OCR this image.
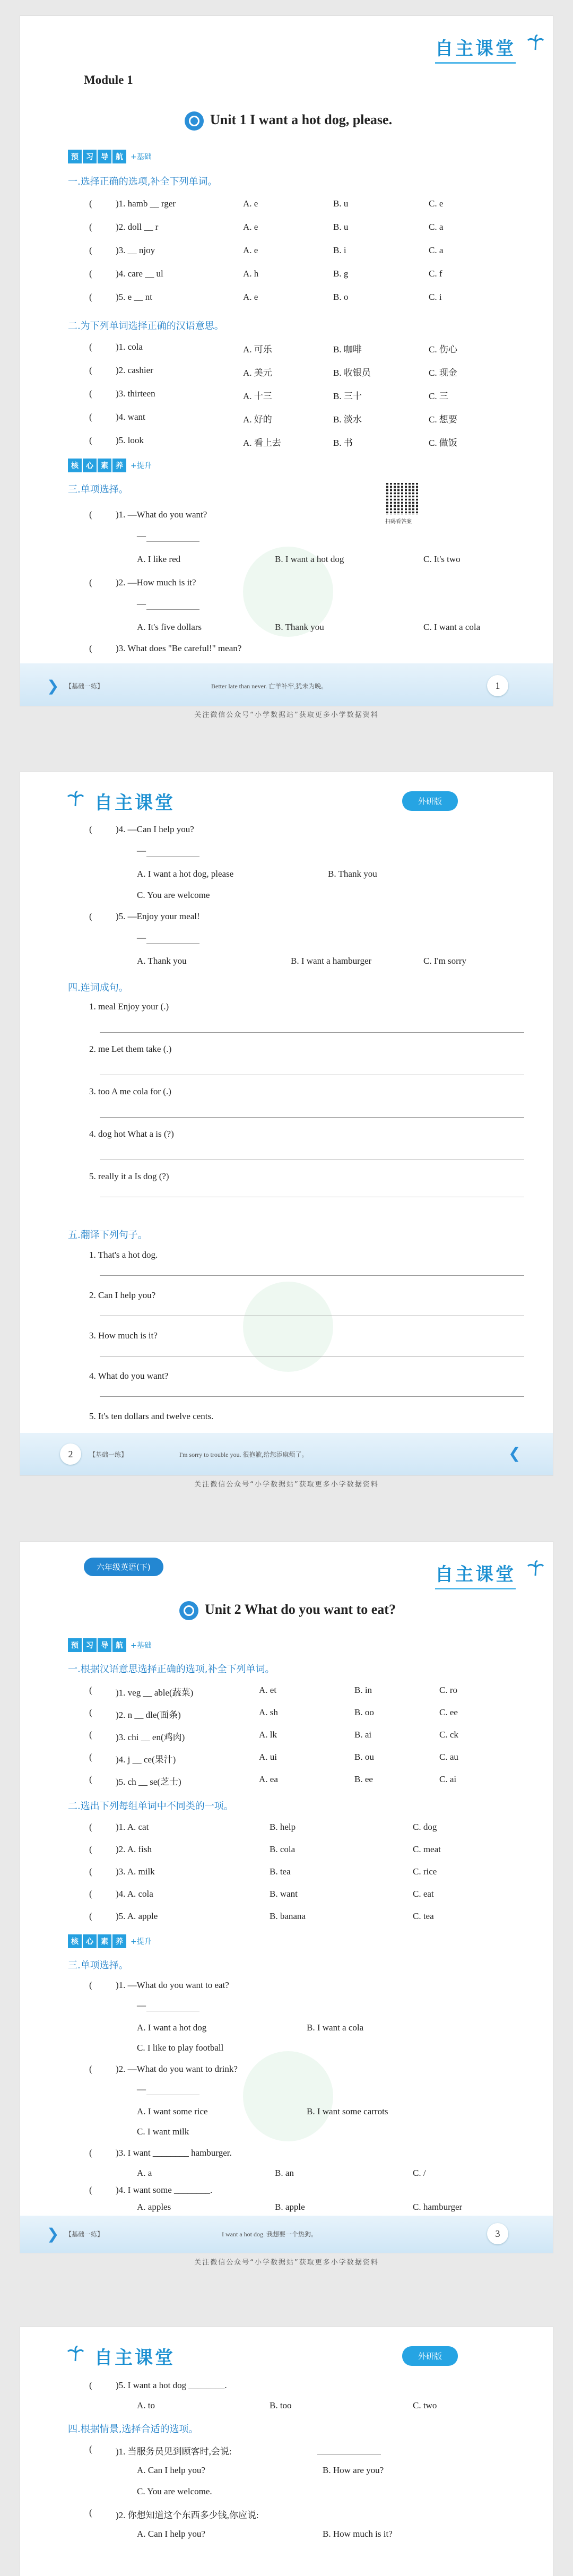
自主课堂
Module 1
Unit 1 I want a hot dog, please.
预	习	导	航	+基础
一.选择正确的选项,补全下列单词。
(	)1. hamb __ rger	A. e	B. u	C. e
(	)2. doll __ r	A. e	B. u	C. a
(	)3. __ njoy	A. e	B. i	C. a
(	)4. care __ ul	A. h	B. g	C. f
(	)5. e __ nt	A. e	B. o	C. i
二.为下列单词选择正确的汉语意思。
(	)1. cola	A. 可乐	B. 咖啡	C. 伤心
(	)2. cashier	A. 美元	B. 收银员	C. 现金
(	)3. thirteen	A. 十三	B. 三十	C. 三
(	)4. want	A. 好的	B. 淡水	C. 想要
(	)5. look	A. 看上去	B. 书	C. 做饭
核	心	素	养	+提升
三.单项选择。
扫码看答案
(	)1. —What do you want?
—
A. I like red	B. I want a hot dog	C. It's two
(	)2. —How much is it?
—
A. It's five dollars	B. Thank you	C. I want a cola
(	)3. What does "Be careful!" mean?
❯ 【基础一练】	Better late than never. 亡羊补牢,犹未为晚。	1
关注微信公众号“小学数据站”获取更多小学数据资料
自主课堂	外研版
(	)4. —Can I help you?
—
A. I want a hot dog, please	B. Thank you
C. You are welcome
(	)5. —Enjoy your meal!
—
A. Thank you	B. I want a hamburger	C. I'm sorry
四.连词成句。
1. meal Enjoy your (.)
2. me Let them take (.)
3. too A me cola for (.)
4. dog hot What a is (?)
5. really it a Is dog (?)
五.翻译下列句子。
1. That's a hot dog.
2. Can I help you?
3. How much is it?
4. What do you want?
5. It's ten dollars and twelve cents.
2	【基础一练】	I'm sorry to trouble you. 很抱歉,给您添麻烦了。	❮
关注微信公众号“小学数据站”获取更多小学数据资料
六年级英语(下)	自主课堂
Unit 2 What do you want to eat?
预	习	导	航	+基础
一.根据汉语意思选择正确的选项,补全下列单词。
(	)1. veg __ able(蔬菜)	A. et	B. in	C. ro
(	)2. n __ dle(面条)	A. sh	B. oo	C. ee
(	)3. chi __ en(鸡肉)	A. lk	B. ai	C. ck
(	)4. j __ ce(果汁)	A. ui	B. ou	C. au
(	)5. ch __ se(芝士)	A. ea	B. ee	C. ai
二.选出下列每组单词中不同类的一项。
(	)1. A. cat	B. help	C. dog
(	)2. A. fish	B. cola	C. meat
(	)3. A. milk	B. tea	C. rice
(	)4. A. cola	B. want	C. eat
(	)5. A. apple	B. banana	C. tea
核	心	素	养	+提升
三.单项选择。
(	)1. —What do you want to eat?
—
A. I want a hot dog	B. I want a cola
C. I like to play football
(	)2. —What do you want to drink?
—
A. I want some rice	B. I want some carrots
C. I want milk
(	)3. I want ________ hamburger.
A. a	B. an	C. /
(	)4. I want some ________.
A. apples	B. apple	C. hamburger
❯ 【基础一练】	I want a hot dog. 我想要一个热狗。	3
关注微信公众号“小学数据站”获取更多小学数据资料
自主课堂	外研版
(	)5. I want a hot dog ________.
A. to	B. too	C. two
四.根据情景,选择合适的选项。
(	)1. 当服务员见到顾客时,会说:
A. Can I help you?	B. How are you?
C. You are welcome.
(	)2. 你想知道这个东西多少钱,你应说:
A. Can I help you?	B. How much is it?
